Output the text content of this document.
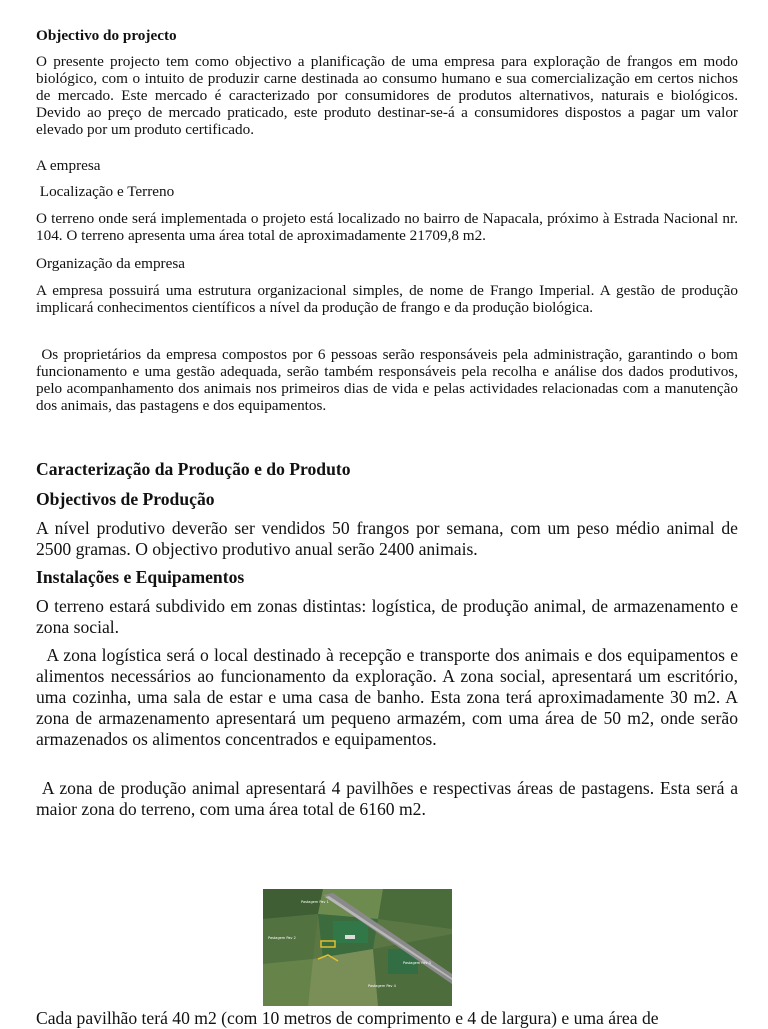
Objectivo do projecto

O presente projecto tem como objectivo a planificação de uma empresa para exploração de frangos em modo biológico, com o intuito de produzir carne destinada ao consumo humano e sua comercialização em certos nichos de mercado. Este mercado é caracterizado por consumidores de produtos alternativos, naturais e biológicos. Devido ao preço de mercado praticado, este produto destinar-se-á a consumidores dispostos a pagar um valor elevado por um produto certificado.

A empresa

Localização e Terreno

O terreno onde será implementada o projeto está localizado no bairro de Napacala, próximo à Estrada Nacional nr. 104. O terreno apresenta uma área total de aproximadamente 21709,8 m2.

Organização da empresa

A empresa possuirá uma estrutura organizacional simples, de nome de Frango Imperial. A gestão de produção implicará conhecimentos científicos a nível da produção de frango e da produção biológica.

Os proprietários da empresa compostos por 6 pessoas serão responsáveis pela administração, garantindo o bom funcionamento e uma gestão adequada, serão também responsáveis pela recolha e análise dos dados produtivos, pelo acompanhamento dos animais nos primeiros dias de vida e pelas actividades relacionadas com a manutenção dos animais, das pastagens e dos equipamentos.

Caracterização da Produção e do Produto
Objectivos de Produção

A nível produtivo deverão ser vendidos 50 frangos por semana, com um peso médio animal de 2500 gramas. O objectivo produtivo anual serão 2400 animais.

Instalações e Equipamentos

O terreno estará subdivido em zonas distintas: logística, de produção animal, de armazenamento e zona social.

A zona logística será o local destinado à recepção e transporte dos animais e dos equipamentos e alimentos necessários ao funcionamento da exploração. A zona social, apresentará um escritório, uma cozinha, uma sala de estar e uma casa de banho. Esta zona terá aproximadamente 30 m2. A zona de armazenamento apresentará um pequeno armazém, com uma área de 50 m2, onde serão armazenados os alimentos concentrados e equipamentos.

A zona de produção animal apresentará 4 pavilhões e respectivas áreas de pastagens. Esta será a maior zona do terreno, com uma área total de 6160 m2.

Pastagem Pav 1
Pastagem Pav 2
Pastagem Pav 3
Pastagem Pav 4
Cada pavilhão terá 40 m2 (com 10 metros de comprimento e 4 de largura) e uma área de
